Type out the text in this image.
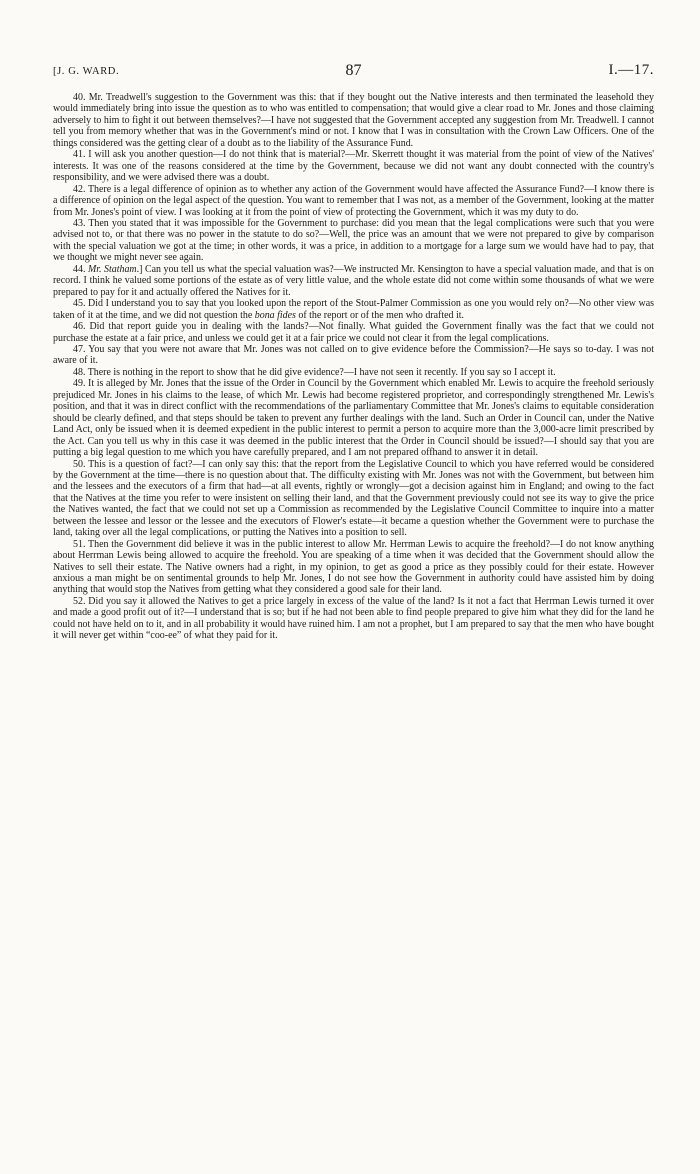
[J. G. WARD.	87	I.—17.

40. Mr. Treadwell's suggestion to the Government was this: that if they bought out the Native interests and then terminated the leasehold they would immediately bring into issue the question as to who was entitled to compensation; that would give a clear road to Mr. Jones and those claiming adversely to him to fight it out between themselves?—I have not suggested that the Government accepted any suggestion from Mr. Treadwell. I cannot tell you from memory whether that was in the Government's mind or not. I know that I was in consultation with the Crown Law Officers. One of the things considered was the getting clear of a doubt as to the liability of the Assurance Fund.

41. I will ask you another question—I do not think that is material?—Mr. Skerrett thought it was material from the point of view of the Natives' interests. It was one of the reasons considered at the time by the Government, because we did not want any doubt connected with the country's responsibility, and we were advised there was a doubt.

42. There is a legal difference of opinion as to whether any action of the Government would have affected the Assurance Fund?—I know there is a difference of opinion on the legal aspect of the question. You want to remember that I was not, as a member of the Government, looking at the matter from Mr. Jones's point of view. I was looking at it from the point of view of protecting the Government, which it was my duty to do.

43. Then you stated that it was impossible for the Government to purchase: did you mean that the legal complications were such that you were advised not to, or that there was no power in the statute to do so?—Well, the price was an amount that we were not prepared to give by comparison with the special valuation we got at the time; in other words, it was a price, in addition to a mortgage for a large sum we would have had to pay, that we thought we might never see again.

44. Mr. Statham.] Can you tell us what the special valuation was?—We instructed Mr. Kensington to have a special valuation made, and that is on record. I think he valued some portions of the estate as of very little value, and the whole estate did not come within some thousands of what we were prepared to pay for it and actually offered the Natives for it.

45. Did I understand you to say that you looked upon the report of the Stout-Palmer Commission as one you would rely on?—No other view was taken of it at the time, and we did not question the bona fides of the report or of the men who drafted it.

46. Did that report guide you in dealing with the lands?—Not finally. What guided the Government finally was the fact that we could not purchase the estate at a fair price, and unless we could get it at a fair price we could not clear it from the legal complications.

47. You say that you were not aware that Mr. Jones was not called on to give evidence before the Commission?—He says so to-day. I was not aware of it.

48. There is nothing in the report to show that he did give evidence?—I have not seen it recently. If you say so I accept it.

49. It is alleged by Mr. Jones that the issue of the Order in Council by the Government which enabled Mr. Lewis to acquire the freehold seriously prejudiced Mr. Jones in his claims to the lease, of which Mr. Lewis had become registered proprietor, and correspondingly strengthened Mr. Lewis's position, and that it was in direct conflict with the recommendations of the parliamentary Committee that Mr. Jones's claims to equitable consideration should be clearly defined, and that steps should be taken to prevent any further dealings with the land. Such an Order in Council can, under the Native Land Act, only be issued when it is deemed expedient in the public interest to permit a person to acquire more than the 3,000-acre limit prescribed by the Act. Can you tell us why in this case it was deemed in the public interest that the Order in Council should be issued?—I should say that you are putting a big legal question to me which you have carefully prepared, and I am not prepared offhand to answer it in detail.

50. This is a question of fact?—I can only say this: that the report from the Legislative Council to which you have referred would be considered by the Government at the time—there is no question about that. The difficulty existing with Mr. Jones was not with the Government, but between him and the lessees and the executors of a firm that had—at all events, rightly or wrongly—got a decision against him in England; and owing to the fact that the Natives at the time you refer to were insistent on selling their land, and that the Government previously could not see its way to give the price the Natives wanted, the fact that we could not set up a Commission as recommended by the Legislative Council Committee to inquire into a matter between the lessee and lessor or the lessee and the executors of Flower's estate—it became a question whether the Government were to purchase the land, taking over all the legal complications, or putting the Natives into a position to sell.

51. Then the Government did believe it was in the public interest to allow Mr. Herrman Lewis to acquire the freehold?—I do not know anything about Herrman Lewis being allowed to acquire the freehold. You are speaking of a time when it was decided that the Government should allow the Natives to sell their estate. The Native owners had a right, in my opinion, to get as good a price as they possibly could for their estate. However anxious a man might be on sentimental grounds to help Mr. Jones, I do not see how the Government in authority could have assisted him by doing anything that would stop the Natives from getting what they considered a good sale for their land.

52. Did you say it allowed the Natives to get a price largely in excess of the value of the land? Is it not a fact that Herrman Lewis turned it over and made a good profit out of it?—I understand that is so; but if he had not been able to find people prepared to give him what they did for the land he could not have held on to it, and in all probability it would have ruined him. I am not a prophet, but I am prepared to say that the men who have bought it will never get within “coo-ee” of what they paid for it.
